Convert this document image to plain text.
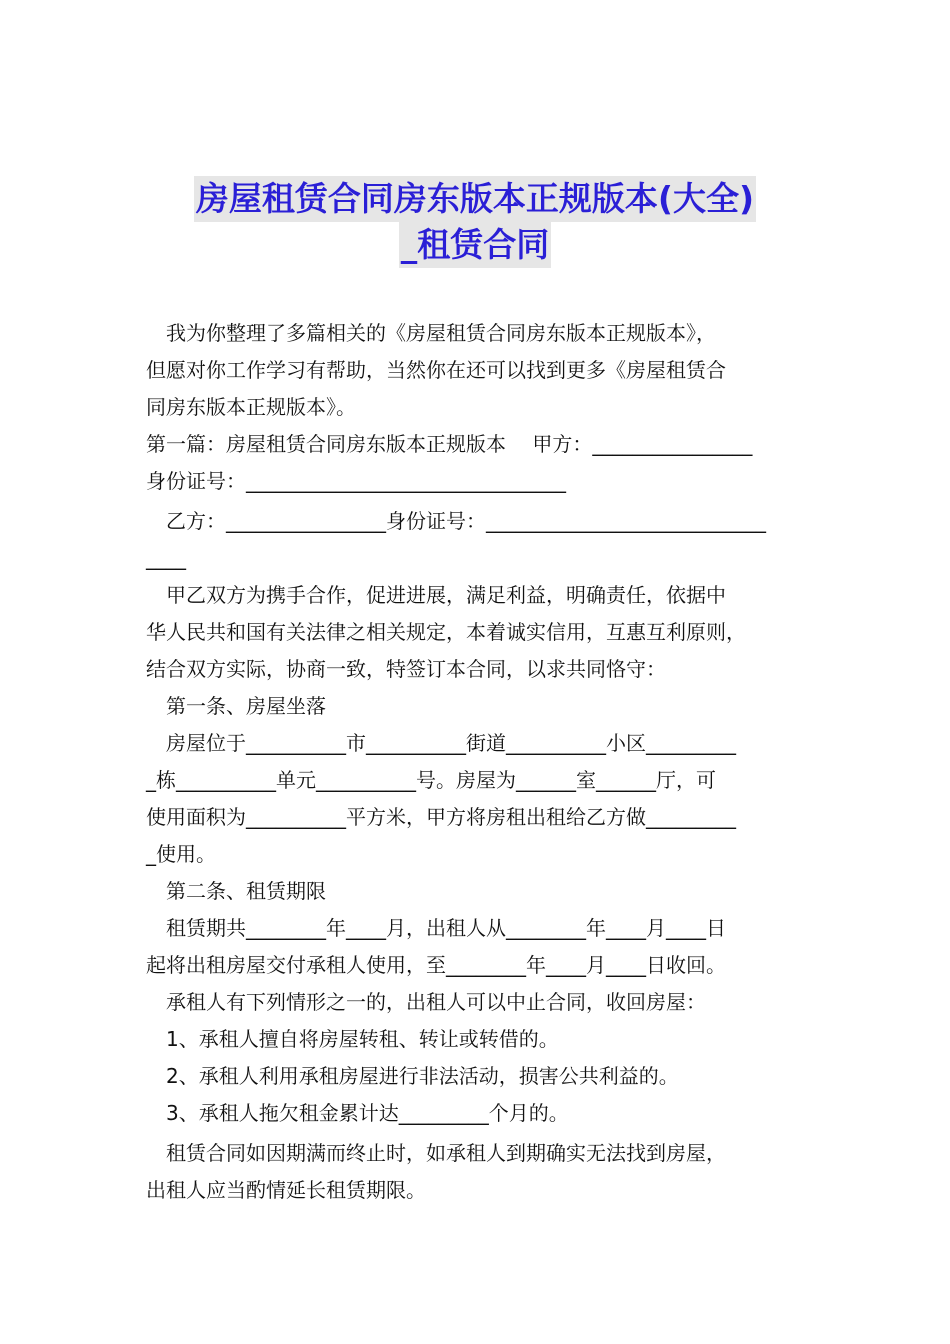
房屋租赁合同房东版本正规版本(大全)
_租赁合同
　我为你整理了多篇相关的《房屋租赁合同房东版本正规版本》，
但愿对你工作学习有帮助，当然你在还可以找到更多《房屋租赁合
同房东版本正规版本》。
第一篇：房屋租赁合同房东版本正规版本　 甲方：________________
身份证号：________________________________
　乙方：________________身份证号：____________________________
____
　甲乙双方为携手合作，促进进展，满足利益，明确责任，依据中
华人民共和国有关法律之相关规定，本着诚实信用，互惠互利原则，
结合双方实际，协商一致，特签订本合同，以求共同恪守：
　第一条、房屋坐落
　房屋位于__________市__________街道__________小区_________
_栋__________单元__________号。房屋为______室______厅，可
使用面积为__________平方米，甲方将房租出租给乙方做_________
_使用。
　第二条、租赁期限
　租赁期共________年____月，出租人从________年____月____日
起将出租房屋交付承租人使用，至________年____月____日收回。
　承租人有下列情形之一的，出租人可以中止合同，收回房屋：
　1、承租人擅自将房屋转租、转让或转借的。
　2、承租人利用承租房屋进行非法活动，损害公共利益的。
　3、承租人拖欠租金累计达_________个月的。
　租赁合同如因期满而终止时，如承租人到期确实无法找到房屋，
出租人应当酌情延长租赁期限。
